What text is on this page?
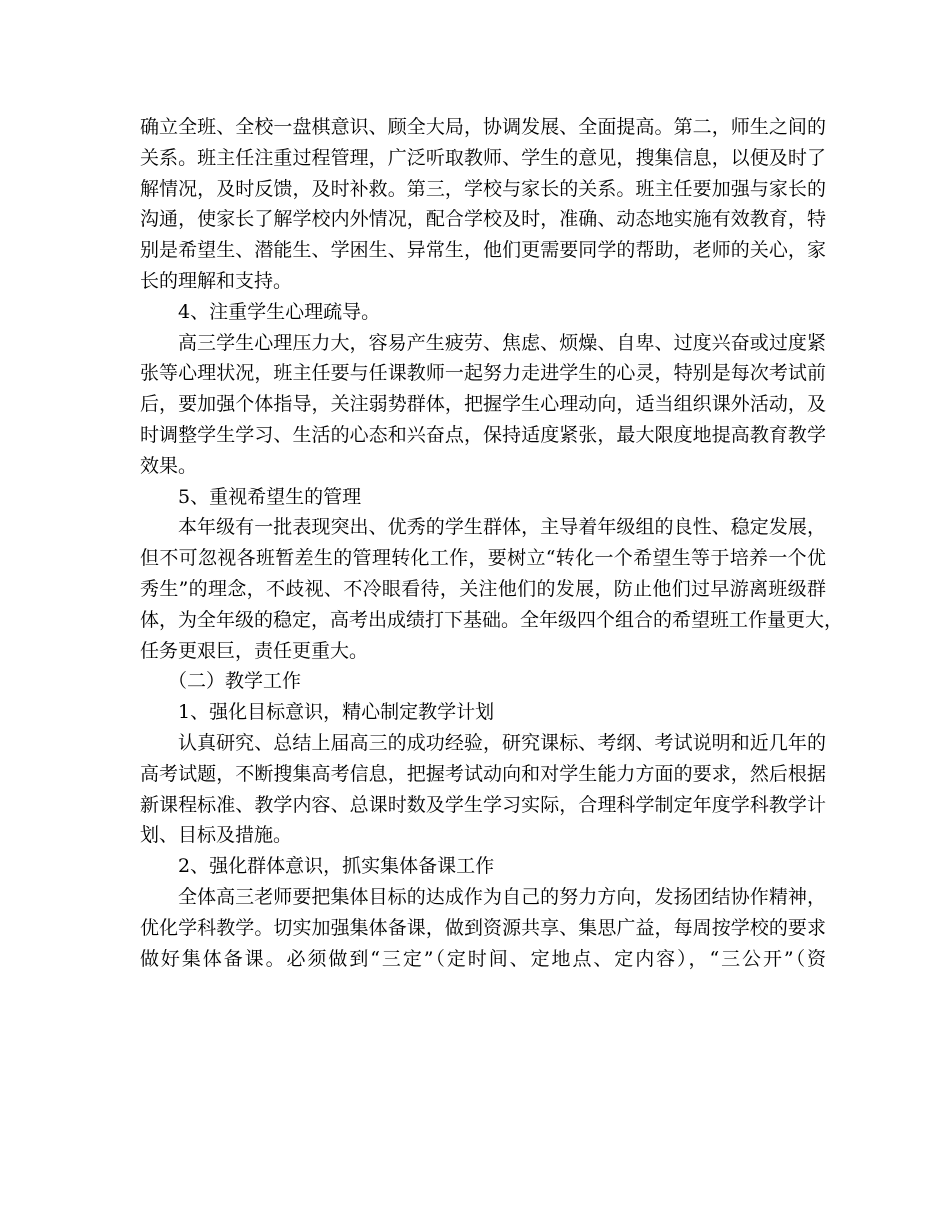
确立全班、全校一盘棋意识、顾全大局，协调发展、全面提高。第二，师生之间的
关系。班主任注重过程管理，广泛听取教师、学生的意见，搜集信息，以便及时了
解情况，及时反馈，及时补救。第三，学校与家长的关系。班主任要加强与家长的
沟通，使家长了解学校内外情况，配合学校及时，准确、动态地实施有效教育，特
别是希望生、潜能生、学困生、异常生，他们更需要同学的帮助，老师的关心，家
长的理解和支持。
4、注重学生心理疏导。
高三学生心理压力大，容易产生疲劳、焦虑、烦燥、自卑、过度兴奋或过度紧
张等心理状况，班主任要与任课教师一起努力走进学生的心灵，特别是每次考试前
后，要加强个体指导，关注弱势群体，把握学生心理动向，适当组织课外活动，及
时调整学生学习、生活的心态和兴奋点，保持适度紧张，最大限度地提高教育教学
效果。
5、重视希望生的管理
本年级有一批表现突出、优秀的学生群体，主导着年级组的良性、稳定发展，
但不可忽视各班暂差生的管理转化工作，要树立“转化一个希望生等于培养一个优
秀生”的理念，不歧视、不冷眼看待，关注他们的发展，防止他们过早游离班级群
体，为全年级的稳定，高考出成绩打下基础。全年级四个组合的希望班工作量更大，
任务更艰巨，责任更重大。
（二）教学工作
1、强化目标意识，精心制定教学计划
认真研究、总结上届高三的成功经验，研究课标、考纲、考试说明和近几年的
高考试题，不断搜集高考信息，把握考试动向和对学生能力方面的要求，然后根据
新课程标准、教学内容、总课时数及学生学习实际，合理科学制定年度学科教学计
划、目标及措施。
2、强化群体意识，抓实集体备课工作
全体高三老师要把集体目标的达成作为自己的努力方向，发扬团结协作精神，
优化学科教学。切实加强集体备课，做到资源共享、集思广益，每周按学校的要求
做好集体备课。必须做到“三定”（定时间、定地点、定内容），“三公开”（资
